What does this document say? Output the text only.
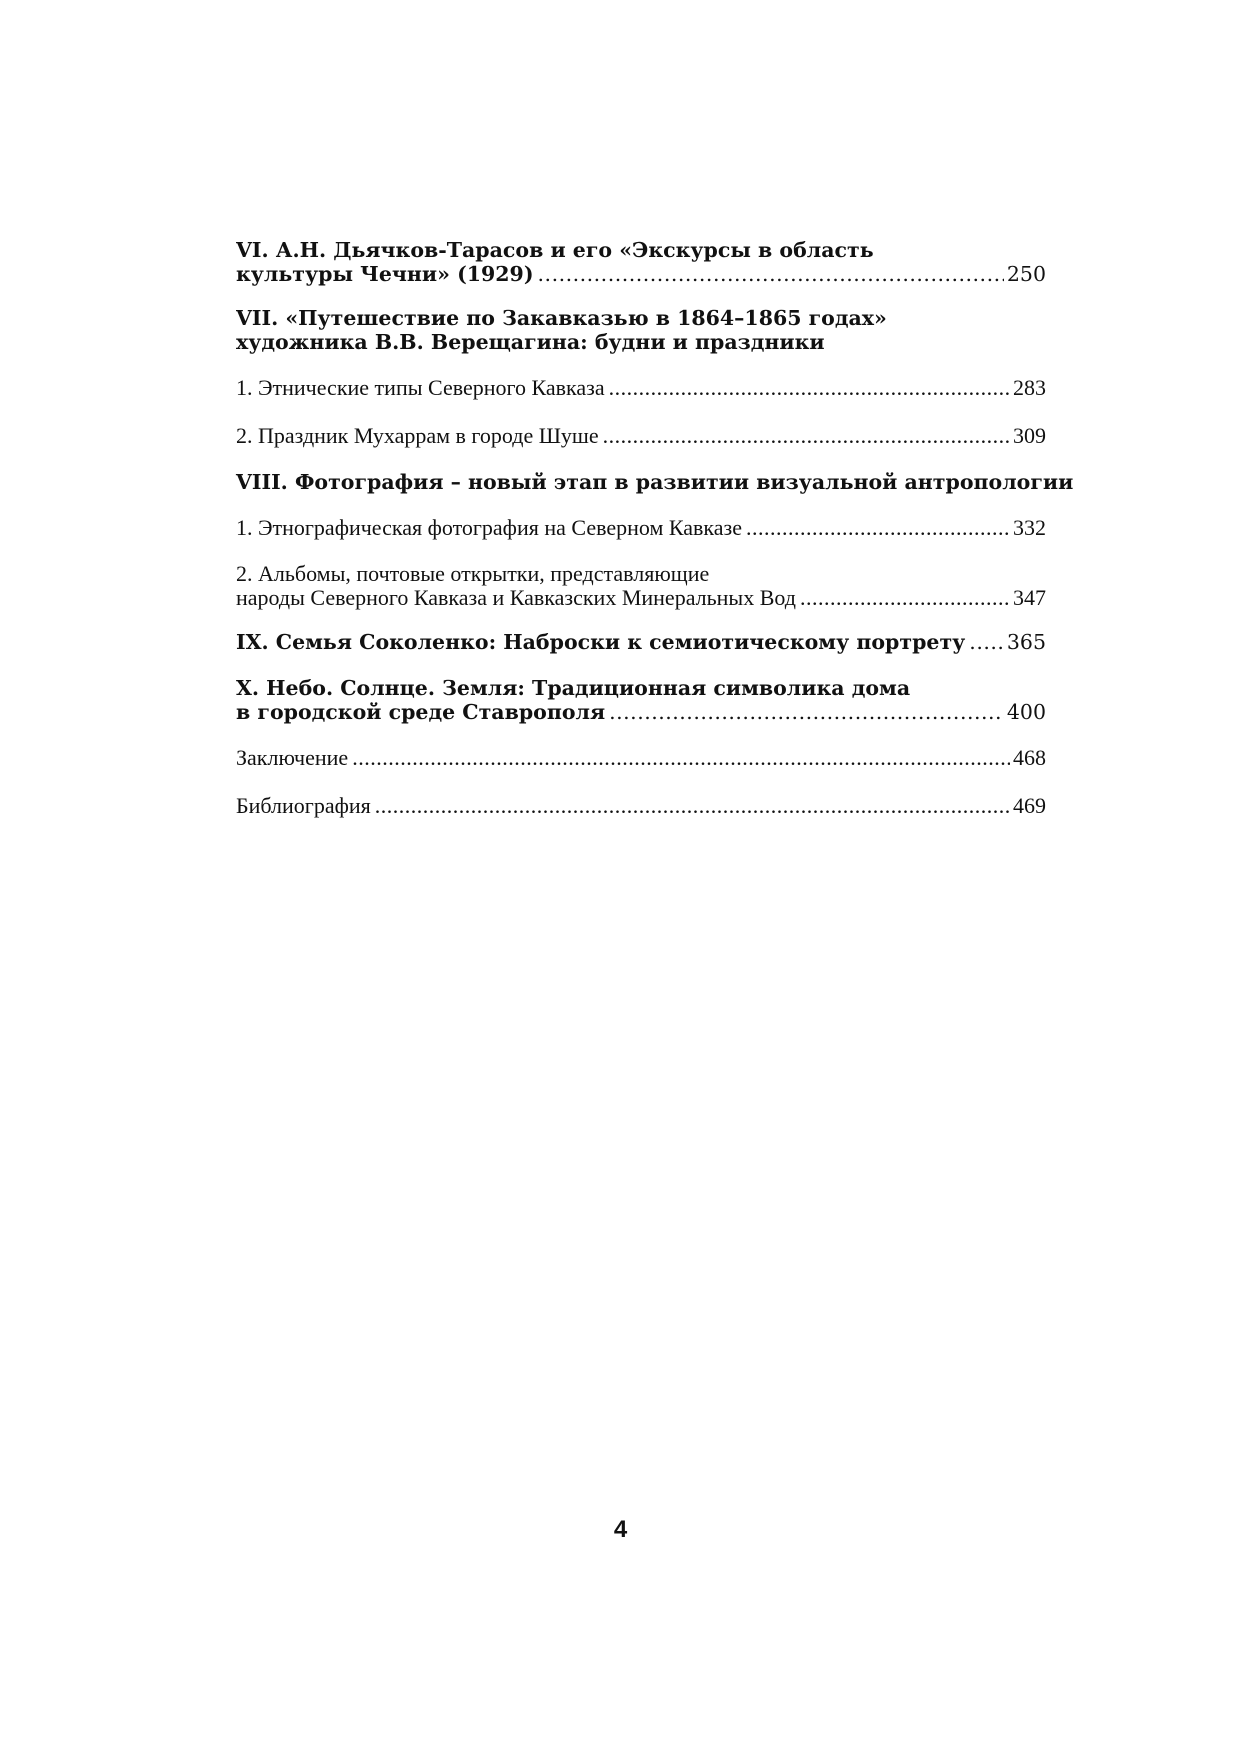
VI. А.Н. Дьячков-Тарасов и его «Экскурсы в область
культуры Чечни» (1929) .....	250
VII. «Путешествие по Закавказью в 1864–1865 годах»
художника В.В. Верещагина: будни и праздники
1. Этнические типы Северного Кавказа .....	283
2. Праздник Мухаррам в городе Шуше .....	309
VIII. Фотография – новый этап в развитии визуальной антропологии
1. Этнографическая фотография на Северном Кавказе .....	332
2. Альбомы, почтовые открытки, представляющие
народы Северного Кавказа и Кавказских Минеральных Вод .....	347
IX. Семья Соколенко: Наброски к семиотическому портрету ..... 365
X. Небо. Солнце. Земля: Традиционная символика дома
в городской среде Ставрополя .....	400
Заключение .....	468
Библиография .....	469
4
